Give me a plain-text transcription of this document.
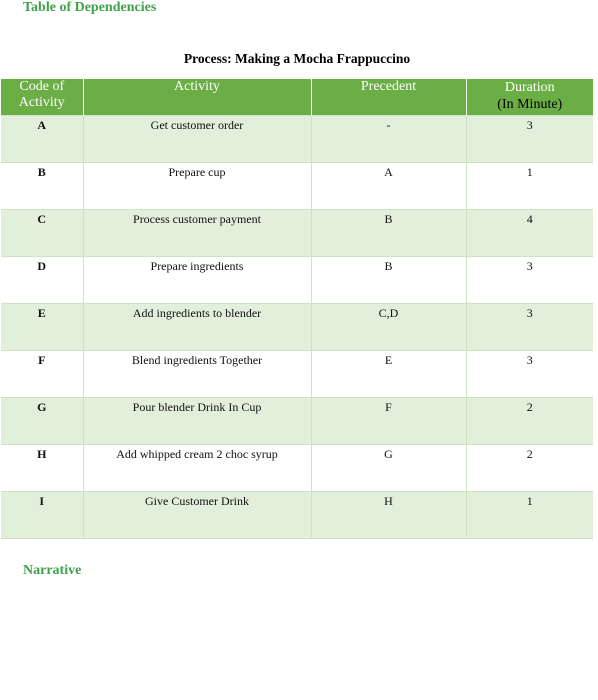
Table of Dependencies
Process: Making a Mocha Frappuccino
Code of
Activity	Activity	Precedent	Duration
(In Minute)
A	Get customer order	-	3
B	Prepare cup	A	1
C	Process customer payment	B	4
D	Prepare ingredients	B	3
E	Add ingredients to blender	C,D	3
F	Blend ingredients Together	E	3
G	Pour blender Drink In Cup	F	2
H	Add whipped cream 2 choc syrup	G	2
I	Give Customer Drink	H	1
Narrative
